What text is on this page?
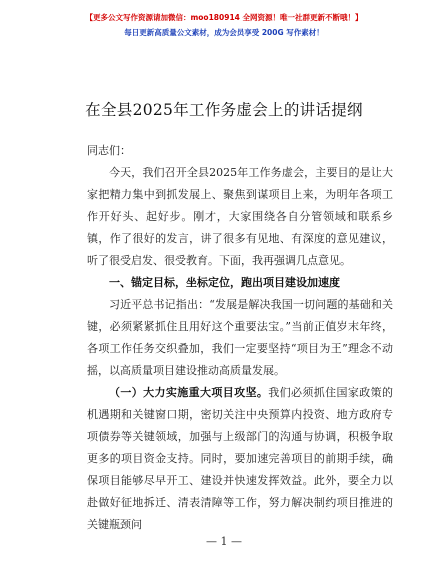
【更多公文写作资源请加微信：moo180914 全网资源！唯一社群更新不断哦！】
每日更新高质量公文素材，成为会员享受 200G 写作素材！
在全县2025年工作务虚会上的讲话提纲

同志们：

今天，我们召开全县2025年工作务虚会，主要目的是让大家把精力集中到抓发展上、聚焦到谋项目上来，为明年各项工作开好头、起好步。刚才，大家围绕各自分管领域和联系乡镇，作了很好的发言，讲了很多有见地、有深度的意见建议，听了很受启发、很受教育。下面，我再强调几点意见。

一、锚定目标，坐标定位，跑出项目建设加速度

习近平总书记指出：“发展是解决我国一切问题的基础和关键，必须紧紧抓住且用好这个重要法宝。”当前正值岁末年终，各项工作任务交织叠加，我们一定要坚持“项目为王”理念不动摇，以高质量项目建设推动高质量发展。

（一）大力实施重大项目攻坚。我们必须抓住国家政策的机遇期和关键窗口期，密切关注中央预算内投资、地方政府专项债券等关键领域，加强与上级部门的沟通与协调，积极争取更多的项目资金支持。同时，要加速完善项目的前期手续，确保项目能够尽早开工、建设并快速发挥效益。此外，要全力以赴做好征地拆迁、清表清障等工作，努力解决制约项目推进的关键瓶颈问

— 1 —
